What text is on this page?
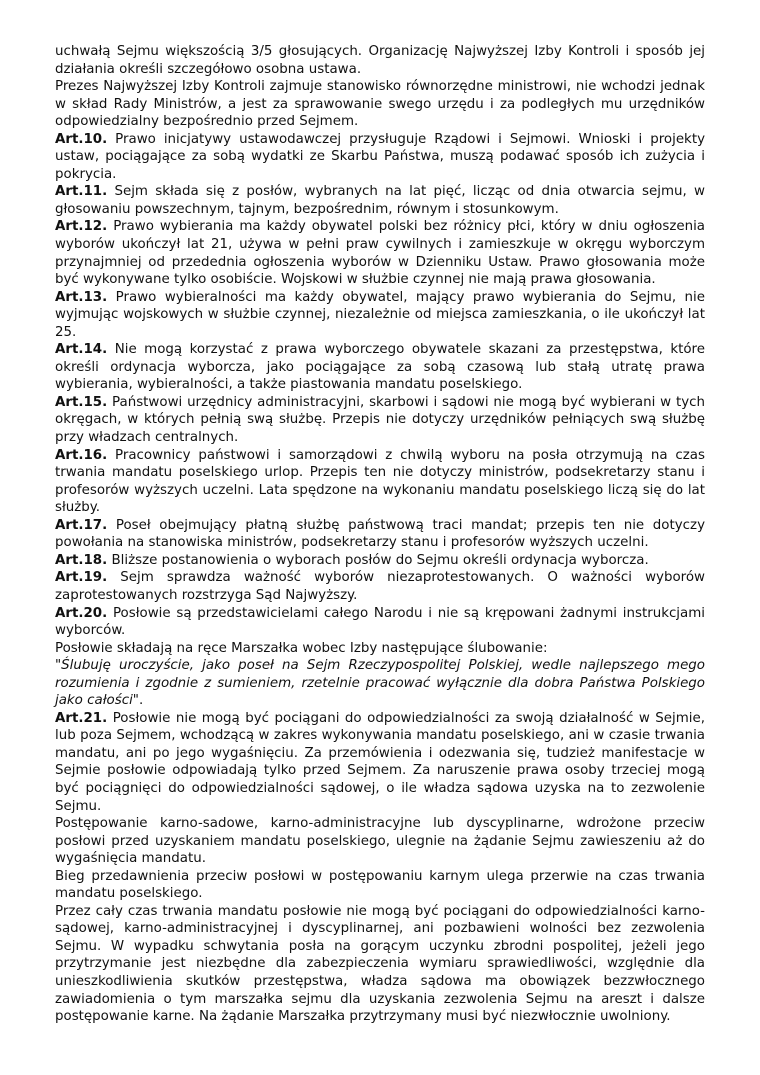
uchwałą Sejmu większością 3/5 głosujących. Organizację Najwyższej Izby Kontroli i sposób jej działania określi szczegółowo osobna ustawa.

Prezes Najwyższej Izby Kontroli zajmuje stanowisko równorzędne ministrowi, nie wchodzi jednak w skład Rady Ministrów, a jest za sprawowanie swego urzędu i za podległych mu urzędników odpowiedzialny bezpośrednio przed Sejmem.

Art.10. Prawo inicjatywy ustawodawczej przysługuje Rządowi i Sejmowi. Wnioski i projekty ustaw, pociągające za sobą wydatki ze Skarbu Państwa, muszą podawać sposób ich zużycia i pokrycia.

Art.11. Sejm składa się z posłów, wybranych na lat pięć, licząc od dnia otwarcia sejmu, w głosowaniu powszechnym, tajnym, bezpośrednim, równym i stosunkowym.

Art.12. Prawo wybierania ma każdy obywatel polski bez różnicy płci, który w dniu ogłoszenia wyborów ukończył lat 21, używa w pełni praw cywilnych i zamieszkuje w okręgu wyborczym przynajmniej od przedednia ogłoszenia wyborów w Dzienniku Ustaw. Prawo głosowania może być wykonywane tylko osobiście. Wojskowi w służbie czynnej nie mają prawa głosowania.

Art.13. Prawo wybieralności ma każdy obywatel, mający prawo wybierania do Sejmu, nie wyjmując wojskowych w służbie czynnej, niezależnie od miejsca zamieszkania, o ile ukończył lat 25.

Art.14. Nie mogą korzystać z prawa wyborczego obywatele skazani za przestępstwa, które określi ordynacja wyborcza, jako pociągające za sobą czasową lub stałą utratę prawa wybierania, wybieralności, a także piastowania mandatu poselskiego.

Art.15. Państwowi urzędnicy administracyjni, skarbowi i sądowi nie mogą być wybierani w tych okręgach, w których pełnią swą służbę. Przepis nie dotyczy urzędników pełniących swą służbę przy władzach centralnych.

Art.16. Pracownicy państwowi i samorządowi z chwilą wyboru na posła otrzymują na czas trwania mandatu poselskiego urlop. Przepis ten nie dotyczy ministrów, podsekretarzy stanu i profesorów wyższych uczelni. Lata spędzone na wykonaniu mandatu poselskiego liczą się do lat służby.

Art.17. Poseł obejmujący płatną służbę państwową traci mandat; przepis ten nie dotyczy powołania na stanowiska ministrów, podsekretarzy stanu i profesorów wyższych uczelni.

Art.18. Bliższe postanowienia o wyborach posłów do Sejmu określi ordynacja wyborcza.

Art.19. Sejm sprawdza ważność wyborów niezaprotestowanych. O ważności wyborów zaprotestowanych rozstrzyga Sąd Najwyższy.

Art.20. Posłowie są przedstawicielami całego Narodu i nie są krępowani żadnymi instrukcjami wyborców.

Posłowie składają na ręce Marszałka wobec Izby następujące ślubowanie:

"Ślubuję uroczyście, jako poseł na Sejm Rzeczypospolitej Polskiej, wedle najlepszego mego rozumienia i zgodnie z sumieniem, rzetelnie pracować wyłącznie dla dobra Państwa Polskiego jako całości".

Art.21. Posłowie nie mogą być pociągani do odpowiedzialności za swoją działalność w Sejmie, lub poza Sejmem, wchodzącą w zakres wykonywania mandatu poselskiego, ani w czasie trwania mandatu, ani po jego wygaśnięciu. Za przemówienia i odezwania się, tudzież manifestacje w Sejmie posłowie odpowiadają tylko przed Sejmem. Za naruszenie prawa osoby trzeciej mogą być pociągnięci do odpowiedzialności sądowej, o ile władza sądowa uzyska na to zezwolenie Sejmu.

Postępowanie karno-sadowe, karno-administracyjne lub dyscyplinarne, wdrożone przeciw posłowi przed uzyskaniem mandatu poselskiego, ulegnie na żądanie Sejmu zawieszeniu aż do wygaśnięcia mandatu.

Bieg przedawnienia przeciw posłowi w postępowaniu karnym ulega przerwie na czas trwania mandatu poselskiego.

Przez cały czas trwania mandatu posłowie nie mogą być pociągani do odpowiedzialności karno-sądowej, karno-administracyjnej i dyscyplinarnej, ani pozbawieni wolności bez zezwolenia Sejmu. W wypadku schwytania posła na gorącym uczynku zbrodni pospolitej, jeżeli jego przytrzymanie jest niezbędne dla zabezpieczenia wymiaru sprawiedliwości, względnie dla unieszkodliwienia skutków przestępstwa, władza sądowa ma obowiązek bezzwłocznego zawiadomienia o tym marszałka sejmu dla uzyskania zezwolenia Sejmu na areszt i dalsze postępowanie karne. Na żądanie Marszałka przytrzymany musi być niezwłocznie uwolniony.
